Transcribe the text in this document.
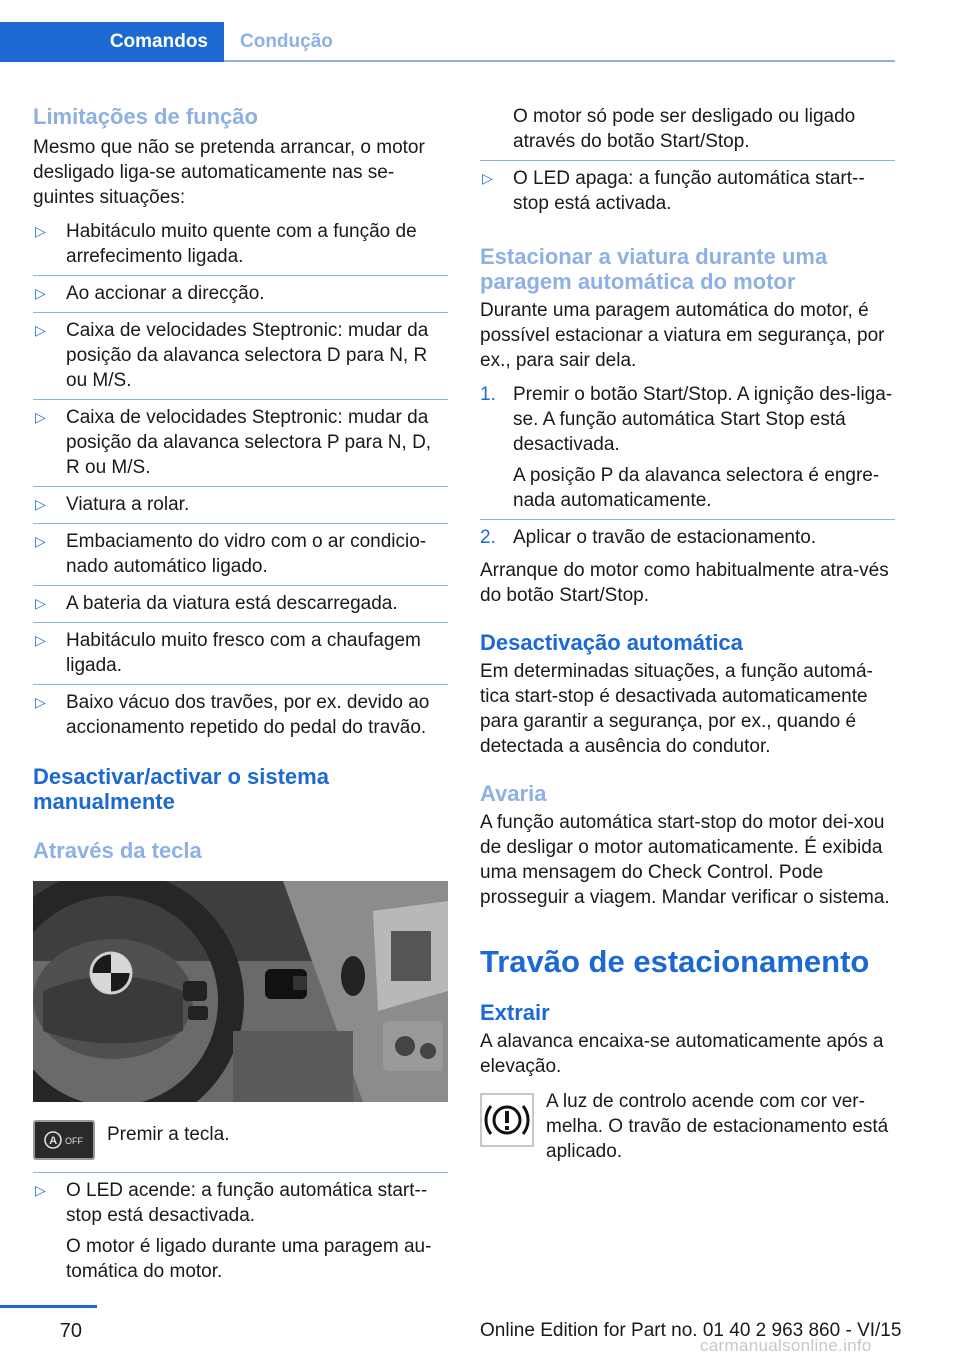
Comandos	Condução
Limitações de função
Mesmo que não se pretenda arrancar, o motor desligado liga-se automaticamente nas se-guintes situações:
▷ Habitáculo muito quente com a função de arrefecimento ligada.
▷ Ao accionar a direcção.
▷ Caixa de velocidades Steptronic: mudar da posição da alavanca selectora D para N, R ou M/S.
▷ Caixa de velocidades Steptronic: mudar da posição da alavanca selectora P para N, D, R ou M/S.
▷ Viatura a rolar.
▷ Embaciamento do vidro com o ar condicio-nado automático ligado.
▷ A bateria da viatura está descarregada.
▷ Habitáculo muito fresco com a chaufagem ligada.
▷ Baixo vácuo dos travões, por ex. devido ao accionamento repetido do pedal do travão.
Desactivar/activar o sistema manualmente
Através da tecla
A OFF Premir a tecla.
▷ O LED acende: a função automática start--stop está desactivada.
O motor é ligado durante uma paragem au-tomática do motor.
O motor só pode ser desligado ou ligado através do botão Start/Stop.
▷ O LED apaga: a função automática start--stop está activada.
Estacionar a viatura durante uma paragem automática do motor
Durante uma paragem automática do motor, é possível estacionar a viatura em segurança, por ex., para sair dela.
1. Premir o botão Start/Stop. A ignição des-liga-se. A função automática Start Stop está desactivada.
A posição P da alavanca selectora é engre-nada automaticamente.
2. Aplicar o travão de estacionamento.
Arranque do motor como habitualmente atra-vés do botão Start/Stop.
Desactivação automática
Em determinadas situações, a função automá-tica start-stop é desactivada automaticamente para garantir a segurança, por ex., quando é detectada a ausência do condutor.
Avaria
A função automática start-stop do motor dei-xou de desligar o motor automaticamente. É exibida uma mensagem do Check Control. Pode prosseguir a viagem. Mandar verificar o sistema.
Travão de estacionamento
Extrair
A alavanca encaixa-se automaticamente após a elevação.
A luz de controlo acende com cor ver-melha. O travão de estacionamento está aplicado.
70	Online Edition for Part no. 01 40 2 963 860 - VI/15
carmanualsonline.info
